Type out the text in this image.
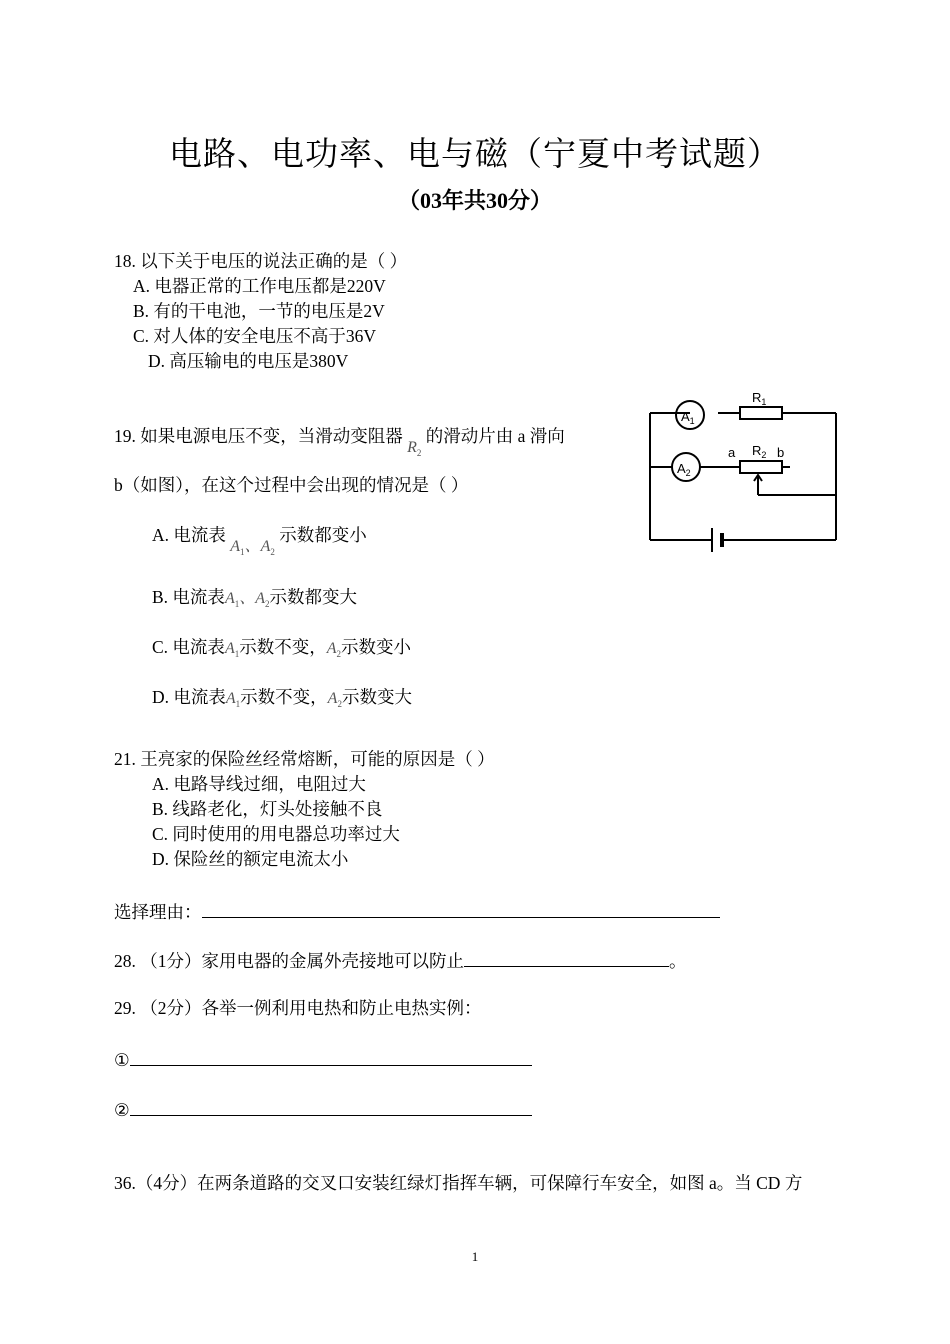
电路、电功率、电与磁（宁夏中考试题）
（03年共30分）
18. 以下关于电压的说法正确的是（ ）
A. 电器正常的工作电压都是220V
B. 有的干电池，一节的电压是2V
C. 对人体的安全电压不高于36V
D. 高压输电的电压是380V
19. 如果电源电压不变，当滑动变阻器 $R_2$ 的滑动片由 a 滑向
b（如图），在这个过程中会出现的情况是（ ）
A. 电流表 $A_1$、$A_2$ 示数都变小
B. 电流表$A_1$、$A_2$示数都变大
C. 电流表$A_1$示数不变，$A_2$示数变小
D. 电流表$A_1$示数不变，$A_2$示数变大
$A_1$
$A_2$
$R_1$
$R_2$
a	b
21. 王亮家的保险丝经常熔断，可能的原因是（ ）
A. 电路导线过细，电阻过大
B. 线路老化，灯头处接触不良
C. 同时使用的用电器总功率过大
D. 保险丝的额定电流太小
选择理由：
28. （1分）家用电器的金属外壳接地可以防止	。
29. （2分）各举一例利用电热和防止电热实例：
①
②
36.（4分）在两条道路的交叉口安装红绿灯指挥车辆，可保障行车安全，如图 a。当 CD 方
1
